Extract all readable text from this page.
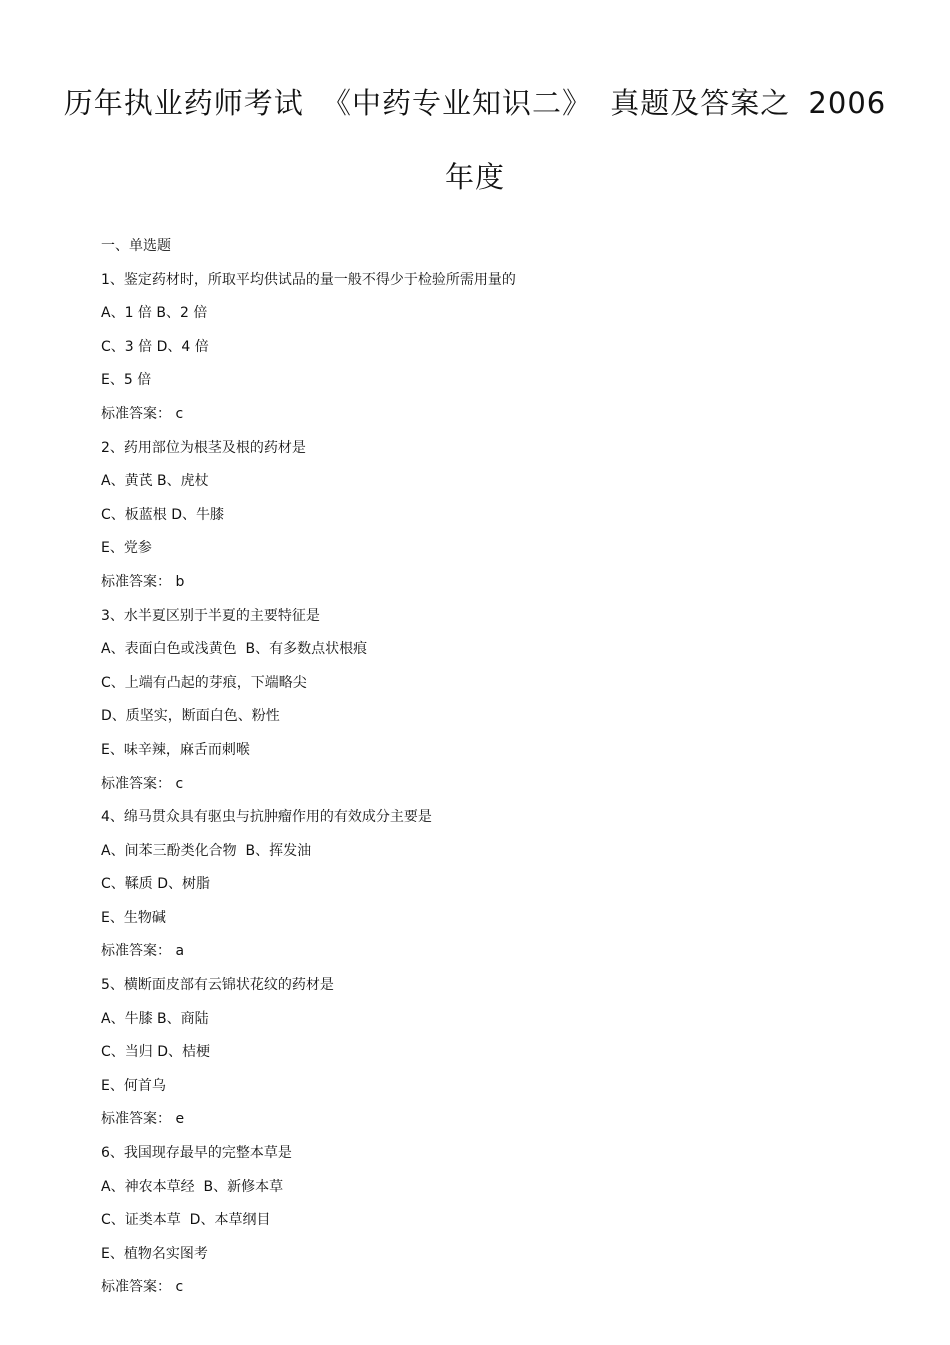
历年执业药师考试 《中药专业知识二》 真题及答案之 2006 年度
一、单选题
1、鉴定药材时，所取平均供试品的量一般不得少于检验所需用量的
A、1 倍 B、2 倍
C、3 倍 D、4 倍
E、5 倍
标准答案： c
2、药用部位为根茎及根的药材是
A、黄芪 B、虎杖
C、板蓝根 D、牛膝
E、党参
标准答案： b
3、水半夏区别于半夏的主要特征是
A、表面白色或浅黄色  B、有多数点状根痕
C、上端有凸起的芽痕，下端略尖
D、质坚实，断面白色、粉性
E、味辛辣，麻舌而刺喉
标准答案： c
4、绵马贯众具有驱虫与抗肿瘤作用的有效成分主要是
A、间苯三酚类化合物  B、挥发油
C、鞣质 D、树脂
E、生物碱
标准答案： a
5、横断面皮部有云锦状花纹的药材是
A、牛膝 B、商陆
C、当归 D、桔梗
E、何首乌
标准答案： e
6、我国现存最早的完整本草是
A、神农本草经  B、新修本草
C、证类本草  D、本草纲目
E、植物名实图考
标准答案： c
